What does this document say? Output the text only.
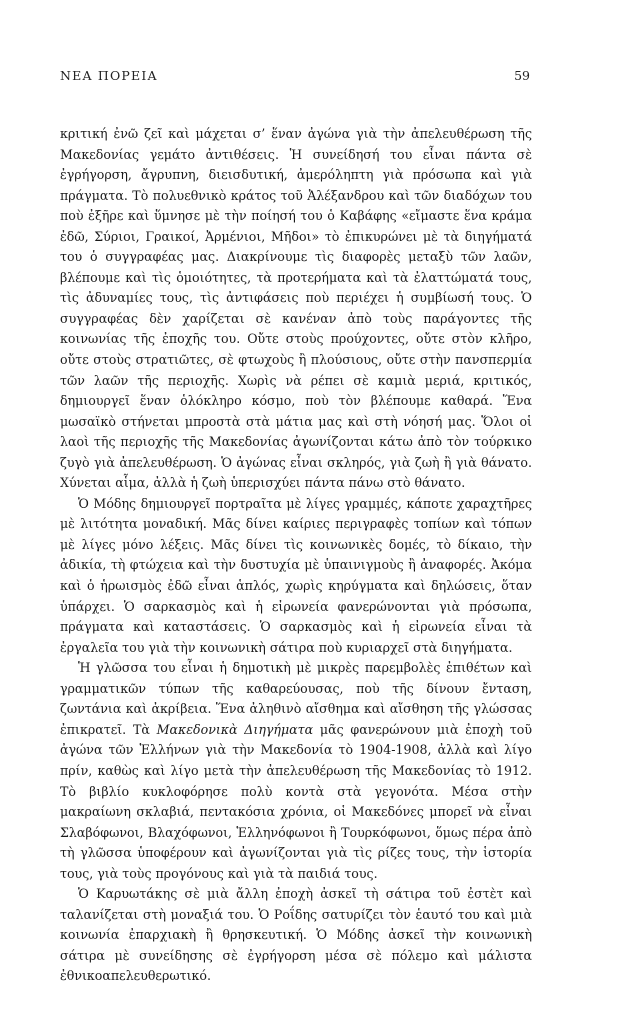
ΝΕΑ ΠΟΡΕΙΑ	59

κριτική ἐνῶ ζεῖ καὶ μάχεται σ’ ἕναν ἀγώνα γιὰ τὴν ἀπελευθέρωση τῆς Μακεδονίας γεμάτο ἀντιθέσεις. Ἡ συνείδησή του εἶναι πάντα σὲ ἐγρήγορση, ἄγρυπνη, διεισδυτική, ἀμερόληπτη γιὰ πρόσωπα καὶ γιὰ πράγματα. Τὸ πολυεθνικὸ κράτος τοῦ Ἀλέξανδρου καὶ τῶν διαδόχων του ποὺ ἐξῆρε καὶ ὕμνησε μὲ τὴν ποίησή του ὁ Καβάφης «εἴμαστε ἕνα κράμα ἐδῶ, Σύριοι, Γραικοί, Ἀρμένιοι, Μῆδοι» τὸ ἐπικυρώνει μὲ τὰ διηγήματά του ὁ συγγραφέας μας. Διακρίνουμε τὶς διαφορὲς μεταξὺ τῶν λαῶν, βλέπουμε καὶ τὶς ὁμοιότητες, τὰ προτερήματα καὶ τὰ ἐλαττώματά τους, τὶς ἀδυναμίες τους, τὶς ἀντιφάσεις ποὺ περιέχει ἡ συμβίωσή τους. Ὁ συγγραφέας δὲν χαρίζεται σὲ κανέναν ἀπὸ τοὺς παράγοντες τῆς κοινωνίας τῆς ἐποχῆς του. Οὔτε στοὺς προύχοντες, οὔτε στὸν κλῆρο, οὔτε στοὺς στρατιῶτες, σὲ φτωχοὺς ἢ πλούσιους, οὔτε στὴν πανσπερμία τῶν λαῶν τῆς περιοχῆς. Χωρὶς νὰ ρέπει σὲ καμιὰ μεριά, κριτικός, δημιουργεῖ ἕναν ὁλόκληρο κόσμο, ποὺ τὸν βλέπουμε καθαρά. Ἕνα μωσαϊκὸ στήνεται μπροστὰ στὰ μάτια μας καὶ στὴ νόησή μας. Ὅλοι οἱ λαοὶ τῆς περιοχῆς τῆς Μακεδονίας ἀγωνίζονται κάτω ἀπὸ τὸν τούρκικο ζυγὸ γιὰ ἀπελευθέρωση. Ὁ ἀγώνας εἶναι σκληρός, γιὰ ζωὴ ἢ γιὰ θάνατο. Χύνεται αἷμα, ἀλλὰ ἡ ζωὴ ὑπερισχύει πάντα πάνω στὸ θάνατο.

Ὁ Μόδης δημιουργεῖ πορτραῖτα μὲ λίγες γραμμές, κάποτε χαραχτῆρες μὲ λιτότητα μοναδική. Μᾶς δίνει καίριες περιγραφὲς τοπίων καὶ τόπων μὲ λίγες μόνο λέξεις. Μᾶς δίνει τὶς κοινωνικὲς δομές, τὸ δίκαιο, τὴν ἀδικία, τὴ φτώχεια καὶ τὴν δυστυχία μὲ ὑπαινιγμοὺς ἢ ἀναφορές. Ἀκόμα καὶ ὁ ἡρωισμὸς ἐδῶ εἶναι ἁπλός, χωρὶς κηρύγματα καὶ δηλώσεις, ὅταν ὑπάρχει. Ὁ σαρκασμὸς καὶ ἡ εἰρωνεία φανερώνονται γιὰ πρόσωπα, πράγματα καὶ καταστάσεις. Ὁ σαρκασμὸς καὶ ἡ εἰρωνεία εἶναι τὰ ἐργαλεῖα του γιὰ τὴν κοινωνικὴ σάτιρα ποὺ κυριαρχεῖ στὰ διηγήματα.

Ἡ γλῶσσα του εἶναι ἡ δημοτικὴ μὲ μικρὲς παρεμβολὲς ἐπιθέτων καὶ γραμματικῶν τύπων τῆς καθαρεύουσας, ποὺ τῆς δίνουν ἔνταση, ζωντάνια καὶ ἀκρίβεια. Ἕνα ἀληθινὸ αἴσθημα καὶ αἴσθηση τῆς γλώσσας ἐπικρατεῖ. Τὰ Μακεδονικὰ Διηγήματα μᾶς φανερώνουν μιὰ ἐποχὴ τοῦ ἀγώνα τῶν Ἑλλήνων γιὰ τὴν Μακεδονία τὸ 1904-1908, ἀλλὰ καὶ λίγο πρίν, καθὼς καὶ λίγο μετὰ τὴν ἀπελευθέρωση τῆς Μακεδονίας τὸ 1912. Τὸ βιβλίο κυκλοφόρησε πολὺ κοντὰ στὰ γεγονότα. Μέσα στὴν μακραίωνη σκλαβιά, πεντακόσια χρόνια, οἱ Μακεδόνες μπορεῖ νὰ εἶναι Σλαβόφωνοι, Βλαχόφωνοι, Ἑλληνόφωνοι ἢ Τουρκόφωνοι, ὅμως πέρα ἀπὸ τὴ γλῶσσα ὑποφέρουν καὶ ἀγωνίζονται γιὰ τὶς ρίζες τους, τὴν ἱστορία τους, γιὰ τοὺς προγόνους καὶ γιὰ τὰ παιδιά τους.

Ὁ Καρυωτάκης σὲ μιὰ ἄλλη ἐποχὴ ἀσκεῖ τὴ σάτιρα τοῦ ἐστὲτ καὶ ταλανίζεται στὴ μοναξιά του. Ὁ Ροΐδης σατυρίζει τὸν ἑαυτό του καὶ μιὰ κοινωνία ἐπαρχιακὴ ἢ θρησκευτική. Ὁ Μόδης ἀσκεῖ τὴν κοινωνικὴ σάτιρα μὲ συνείδησης σὲ ἐγρήγορση μέσα σὲ πόλεμο καὶ μάλιστα ἐθνικοαπελευθερωτικό.
